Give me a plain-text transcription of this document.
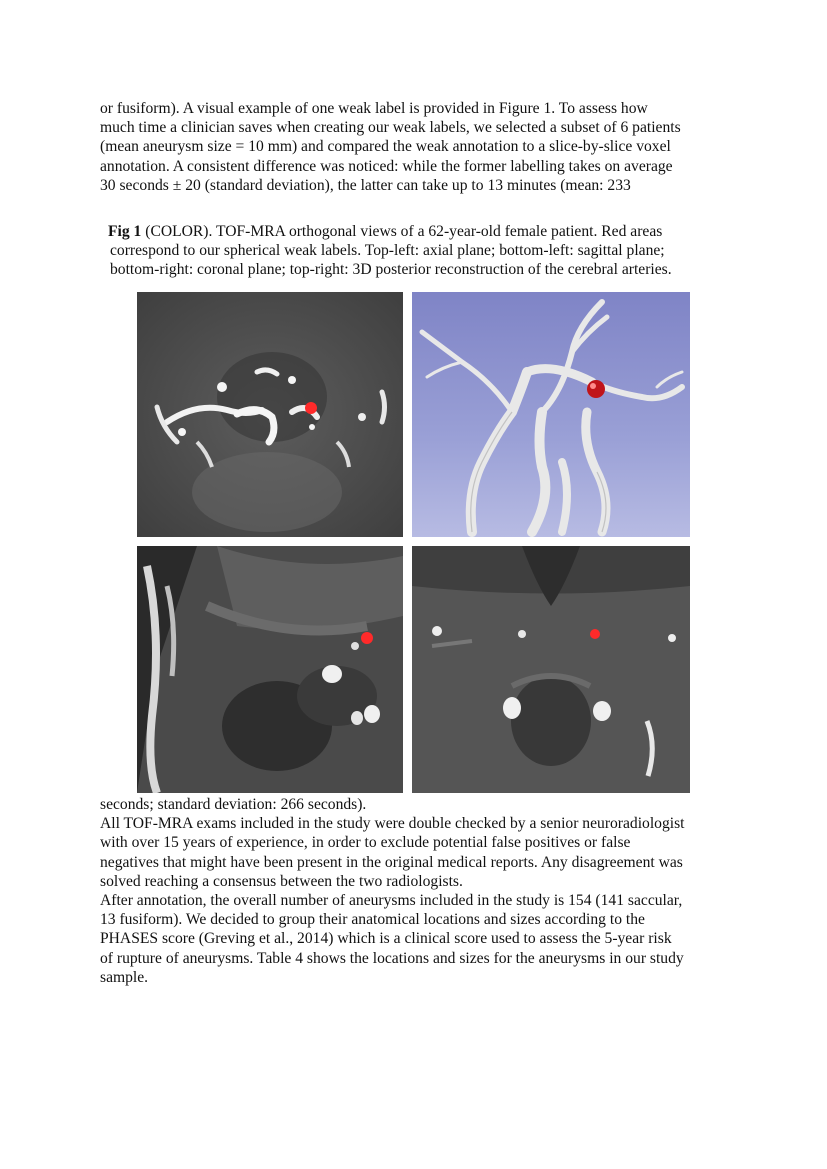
or fusiform). A visual example of one weak label is provided in Figure 1. To assess how
much time a clinician saves when creating our weak labels, we selected a subset of 6 patients
(mean aneurysm size = 10 mm) and compared the weak annotation to a slice-by-slice voxel
annotation. A consistent difference was noticed: while the former labelling takes on average
30 seconds ± 20 (standard deviation), the latter can take up to 13 minutes (mean: 233
Fig 1 (COLOR). TOF-MRA orthogonal views of a 62-year-old female patient. Red areas
correspond to our spherical weak labels. Top-left: axial plane; bottom-left: sagittal plane;
bottom-right: coronal plane; top-right: 3D posterior reconstruction of the cerebral arteries.
seconds; standard deviation: 266 seconds).
All TOF-MRA exams included in the study were double checked by a senior neuroradiologist
with over 15 years of experience, in order to exclude potential false positives or false
negatives that might have been present in the original medical reports. Any disagreement was
solved reaching a consensus between the two radiologists.
After annotation, the overall number of aneurysms included in the study is 154 (141 saccular,
13 fusiform). We decided to group their anatomical locations and sizes according to the
PHASES score (Greving et al., 2014) which is a clinical score used to assess the 5-year risk
of rupture of aneurysms. Table 4 shows the locations and sizes for the aneurysms in our study
sample.
